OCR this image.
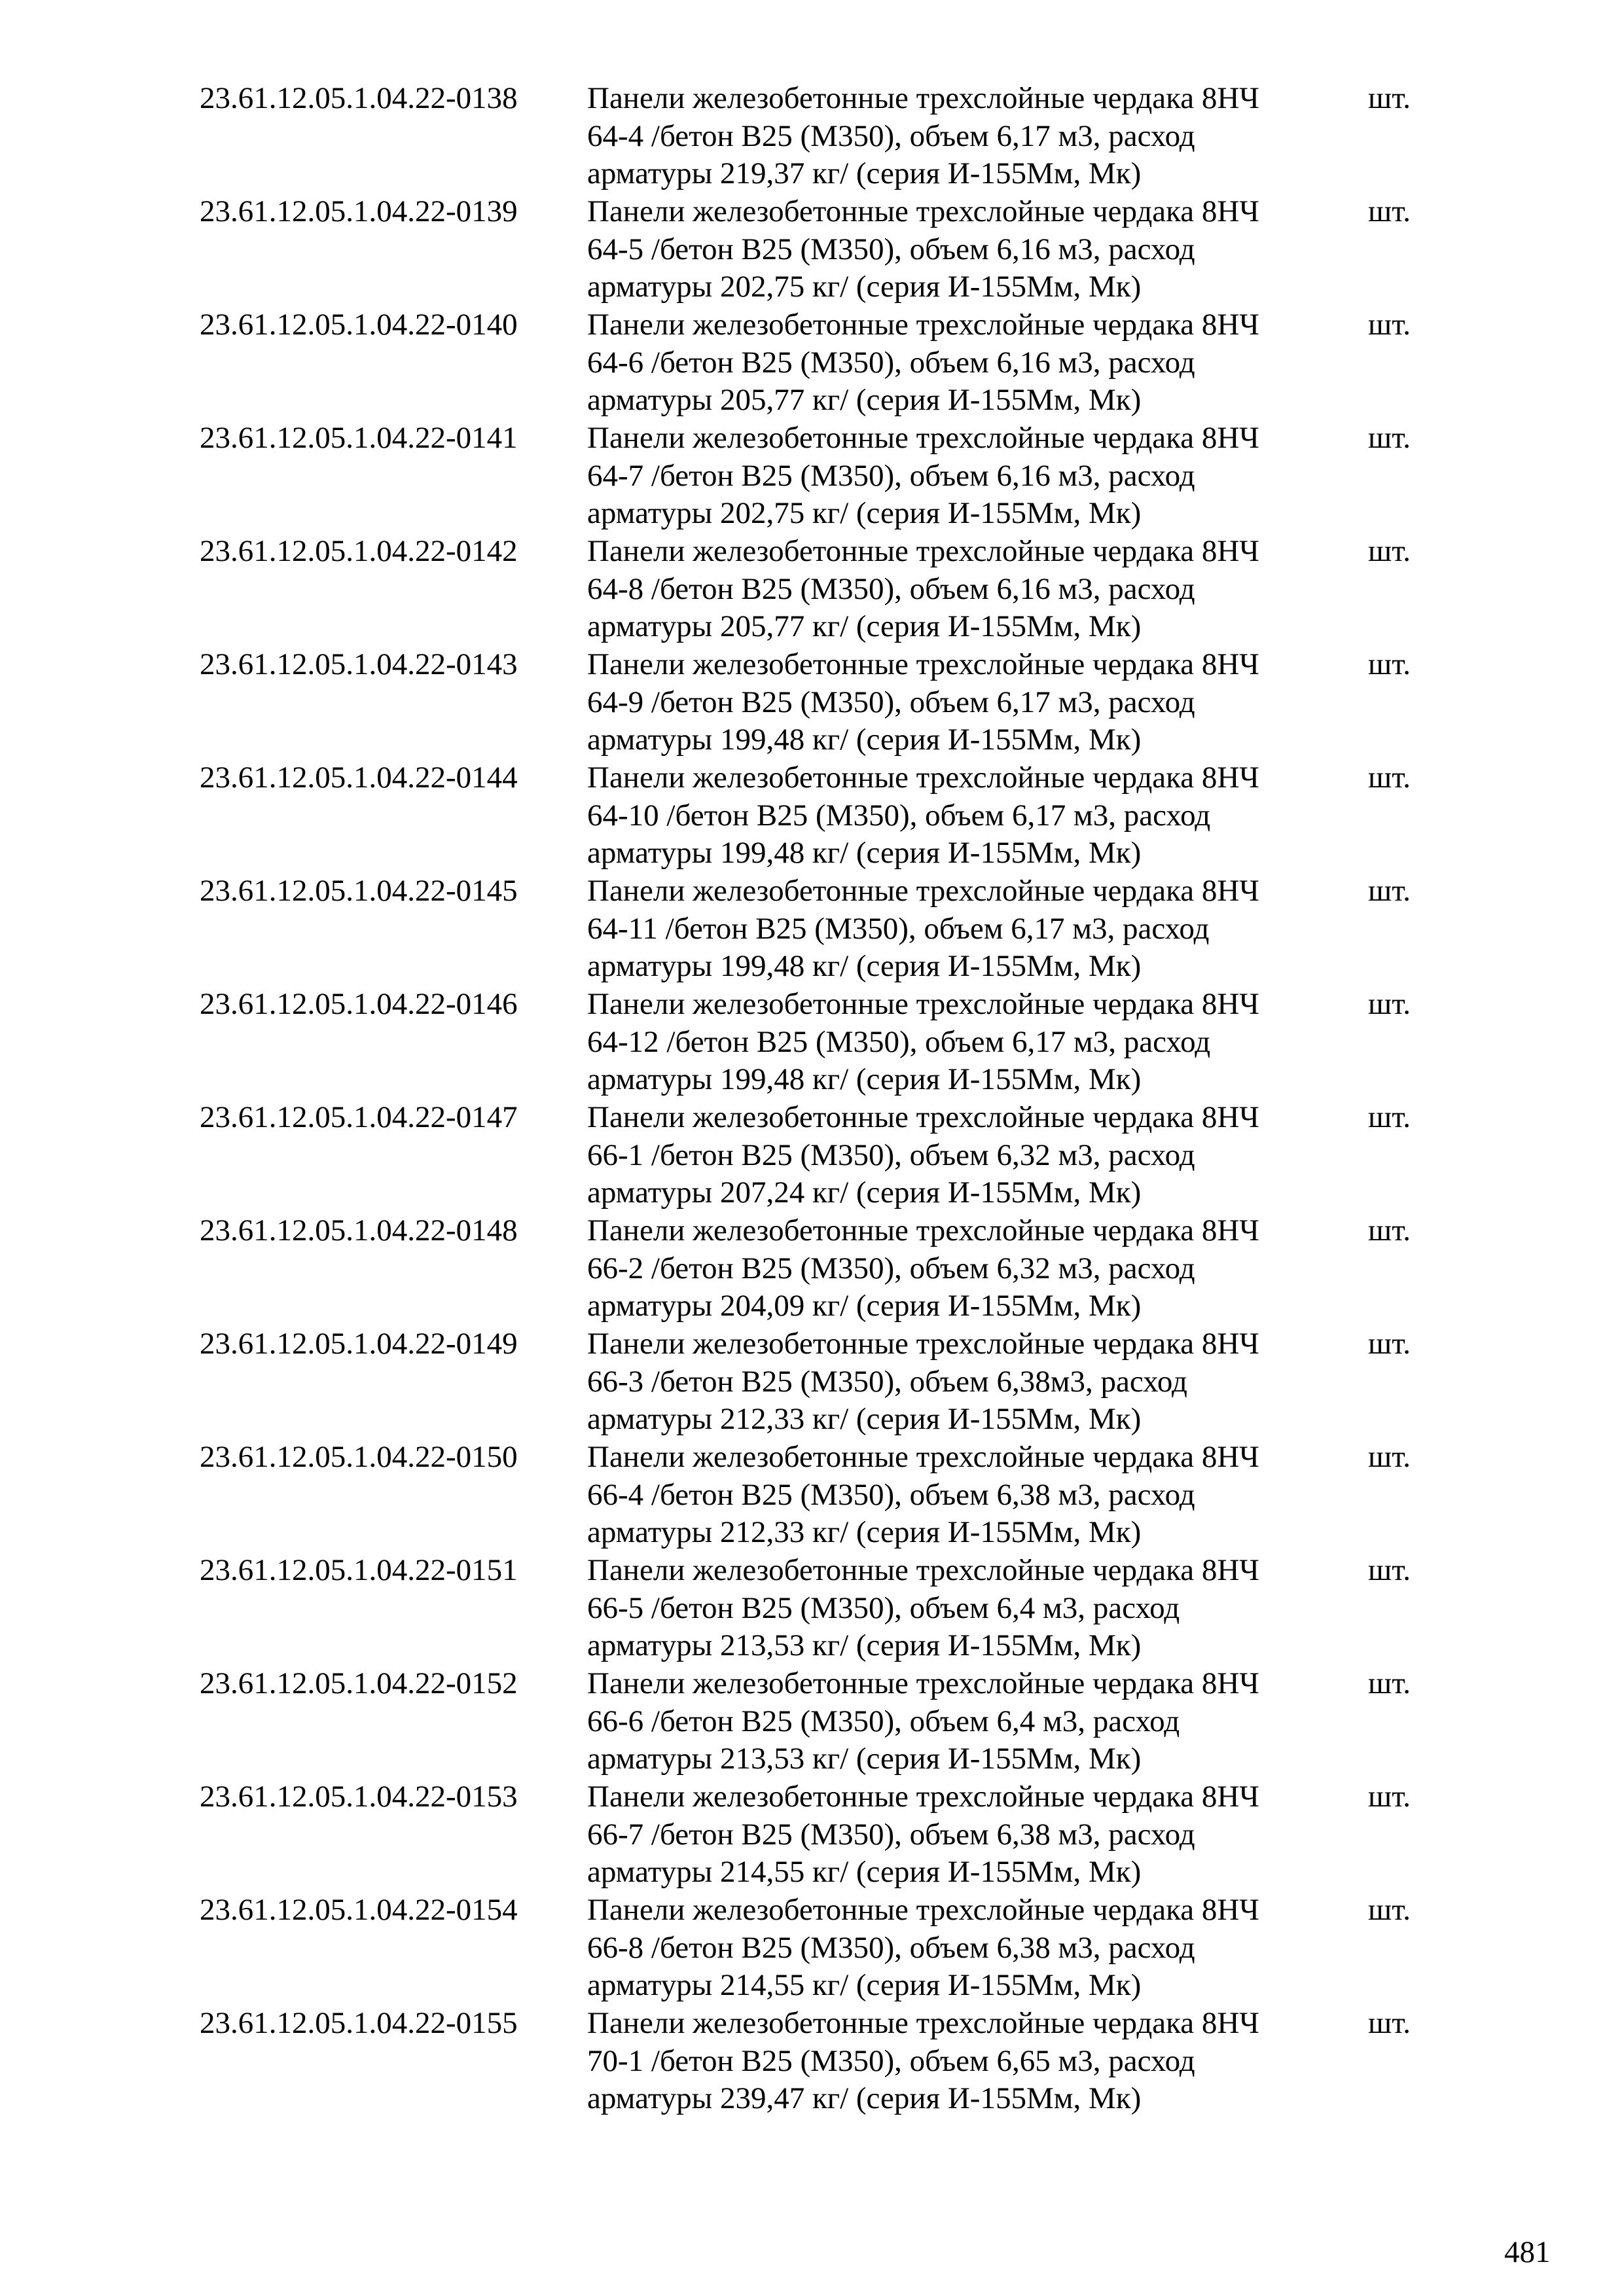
23.61.12.05.1.04.22-0138 Панели железобетонные трехслойные чердака 8НЧ
64-4 /бетон В25 (М350), объем 6,17 м3, расход
арматуры 219,37 кг/ (серия И-155Мм, Мк)
шт.
23.61.12.05.1.04.22-0139 Панели железобетонные трехслойные чердака 8НЧ
64-5 /бетон В25 (М350), объем 6,16 м3, расход
арматуры 202,75 кг/ (серия И-155Мм, Мк)
шт.
23.61.12.05.1.04.22-0140 Панели железобетонные трехслойные чердака 8НЧ
64-6 /бетон В25 (М350), объем 6,16 м3, расход
арматуры 205,77 кг/ (серия И-155Мм, Мк)
шт.
23.61.12.05.1.04.22-0141 Панели железобетонные трехслойные чердака 8НЧ
64-7 /бетон В25 (М350), объем 6,16 м3, расход
арматуры 202,75 кг/ (серия И-155Мм, Мк)
шт.
23.61.12.05.1.04.22-0142 Панели железобетонные трехслойные чердака 8НЧ
64-8 /бетон В25 (М350), объем 6,16 м3, расход
арматуры 205,77 кг/ (серия И-155Мм, Мк)
шт.
23.61.12.05.1.04.22-0143 Панели железобетонные трехслойные чердака 8НЧ
64-9 /бетон В25 (М350), объем 6,17 м3, расход
арматуры 199,48 кг/ (серия И-155Мм, Мк)
шт.
23.61.12.05.1.04.22-0144 Панели железобетонные трехслойные чердака 8НЧ
64-10 /бетон В25 (М350), объем 6,17 м3, расход
арматуры 199,48 кг/ (серия И-155Мм, Мк)
шт.
23.61.12.05.1.04.22-0145 Панели железобетонные трехслойные чердака 8НЧ
64-11 /бетон В25 (М350), объем 6,17 м3, расход
арматуры 199,48 кг/ (серия И-155Мм, Мк)
шт.
23.61.12.05.1.04.22-0146 Панели железобетонные трехслойные чердака 8НЧ
64-12 /бетон В25 (М350), объем 6,17 м3, расход
арматуры 199,48 кг/ (серия И-155Мм, Мк)
шт.
23.61.12.05.1.04.22-0147 Панели железобетонные трехслойные чердака 8НЧ
66-1 /бетон В25 (М350), объем 6,32 м3, расход
арматуры 207,24 кг/ (серия И-155Мм, Мк)
шт.
23.61.12.05.1.04.22-0148 Панели железобетонные трехслойные чердака 8НЧ
66-2 /бетон В25 (М350), объем 6,32 м3, расход
арматуры 204,09 кг/ (серия И-155Мм, Мк)
шт.
23.61.12.05.1.04.22-0149 Панели железобетонные трехслойные чердака 8НЧ
66-3 /бетон В25 (М350), объем 6,38м3, расход
арматуры 212,33 кг/ (серия И-155Мм, Мк)
шт.
23.61.12.05.1.04.22-0150 Панели железобетонные трехслойные чердака 8НЧ
66-4 /бетон В25 (М350), объем 6,38 м3, расход
арматуры 212,33 кг/ (серия И-155Мм, Мк)
шт.
23.61.12.05.1.04.22-0151 Панели железобетонные трехслойные чердака 8НЧ
66-5 /бетон В25 (М350), объем 6,4 м3, расход
арматуры 213,53 кг/ (серия И-155Мм, Мк)
шт.
23.61.12.05.1.04.22-0152 Панели железобетонные трехслойные чердака 8НЧ
66-6 /бетон В25 (М350), объем 6,4 м3, расход
арматуры 213,53 кг/ (серия И-155Мм, Мк)
шт.
23.61.12.05.1.04.22-0153 Панели железобетонные трехслойные чердака 8НЧ
66-7 /бетон В25 (М350), объем 6,38 м3, расход
арматуры 214,55 кг/ (серия И-155Мм, Мк)
шт.
23.61.12.05.1.04.22-0154 Панели железобетонные трехслойные чердака 8НЧ
66-8 /бетон В25 (М350), объем 6,38 м3, расход
арматуры 214,55 кг/ (серия И-155Мм, Мк)
шт.
23.61.12.05.1.04.22-0155 Панели железобетонные трехслойные чердака 8НЧ
70-1 /бетон В25 (М350), объем 6,65 м3, расход
арматуры 239,47 кг/ (серия И-155Мм, Мк)
шт.
481
